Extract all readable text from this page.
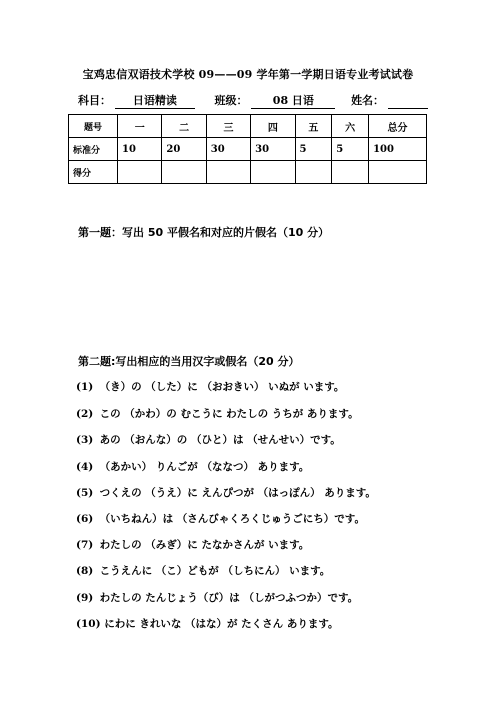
宝鸡忠信双语技术学校 09——09 学年第一学期日语专业考试试卷
科目： 日语精读	班级： 08 日语	姓名：
题号	一	二	三	四	五	六	总分
标准分	10	20	30	30	5	5	100
得分							
第一题：写出 50 平假名和对应的片假名（10 分）
第二题:写出相应的当用汉字或假名（20 分）
(1) （き）の （した）に （おおきい） いぬが います。
(2) この （かわ）の むこうに わたしの うちが あります。
(3) あの （おんな）の （ひと）は （せんせい）です。
(4) （あかい） りんごが （ななつ） あります。
(5) つくえの （うえ）に えんぴつが （はっぽん） あります。
(6) （いちねん）は （さんびゃくろくじゅうごにち）です。
(7) わたしの （みぎ）に たなかさんが います。
(8) こうえんに （こ）どもが （しちにん） います。
(9) わたしの たんじょう（び）は （しがつふつか）です。
(10) にわに きれいな （はな）が たくさん あります。
